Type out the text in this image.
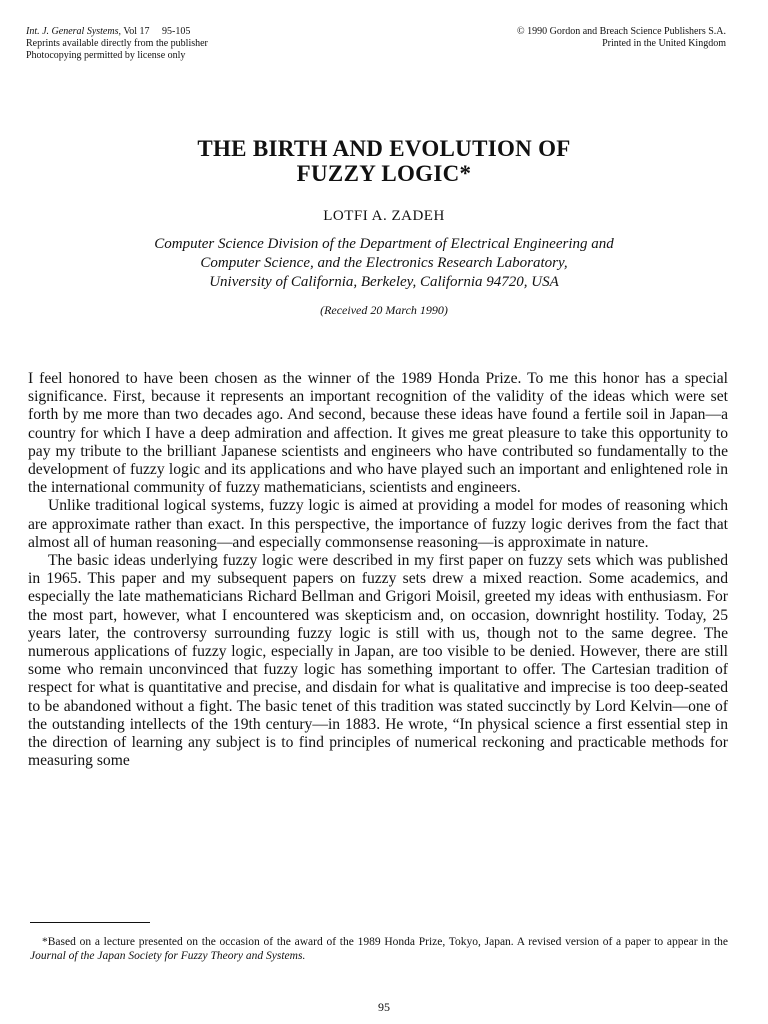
Int. J. General Systems, Vol 17 95-105
Reprints available directly from the publisher
Photocopying permitted by license only
© 1990 Gordon and Breach Science Publishers S.A.
Printed in the United Kingdom
THE BIRTH AND EVOLUTION OF
FUZZY LOGIC*
LOTFI A. ZADEH
Computer Science Division of the Department of Electrical Engineering and
Computer Science, and the Electronics Research Laboratory,
University of California, Berkeley, California 94720, USA
(Received 20 March 1990)

I feel honored to have been chosen as the winner of the 1989 Honda Prize. To me this honor has a special significance. First, because it represents an important recognition of the validity of the ideas which were set forth by me more than two decades ago. And second, because these ideas have found a fertile soil in Japan—a country for which I have a deep admiration and affection. It gives me great pleasure to take this opportunity to pay my tribute to the brilliant Japanese scientists and engineers who have contributed so fundamentally to the development of fuzzy logic and its applications and who have played such an important and enlightened role in the international community of fuzzy mathematicians, scientists and engineers.

Unlike traditional logical systems, fuzzy logic is aimed at providing a model for modes of reasoning which are approximate rather than exact. In this perspective, the importance of fuzzy logic derives from the fact that almost all of human reasoning—and especially commonsense reasoning—is approximate in nature.

The basic ideas underlying fuzzy logic were described in my first paper on fuzzy sets which was published in 1965. This paper and my subsequent papers on fuzzy sets drew a mixed reaction. Some academics, and especially the late mathematicians Richard Bellman and Grigori Moisil, greeted my ideas with enthusiasm. For the most part, however, what I encountered was skepticism and, on occasion, downright hostility. Today, 25 years later, the controversy surrounding fuzzy logic is still with us, though not to the same degree. The numerous applications of fuzzy logic, especially in Japan, are too visible to be denied. However, there are still some who remain unconvinced that fuzzy logic has something important to offer. The Cartesian tradition of respect for what is quantitative and precise, and disdain for what is qualitative and imprecise is too deep-seated to be abandoned without a fight. The basic tenet of this tradition was stated succinctly by Lord Kelvin—one of the outstanding intellects of the 19th century—in 1883. He wrote, “In physical science a first essential step in the direction of learning any subject is to find principles of numerical reckoning and practicable methods for measuring some

*Based on a lecture presented on the occasion of the award of the 1989 Honda Prize, Tokyo, Japan. A revised version of a paper to appear in the Journal of the Japan Society for Fuzzy Theory and Systems.
95
